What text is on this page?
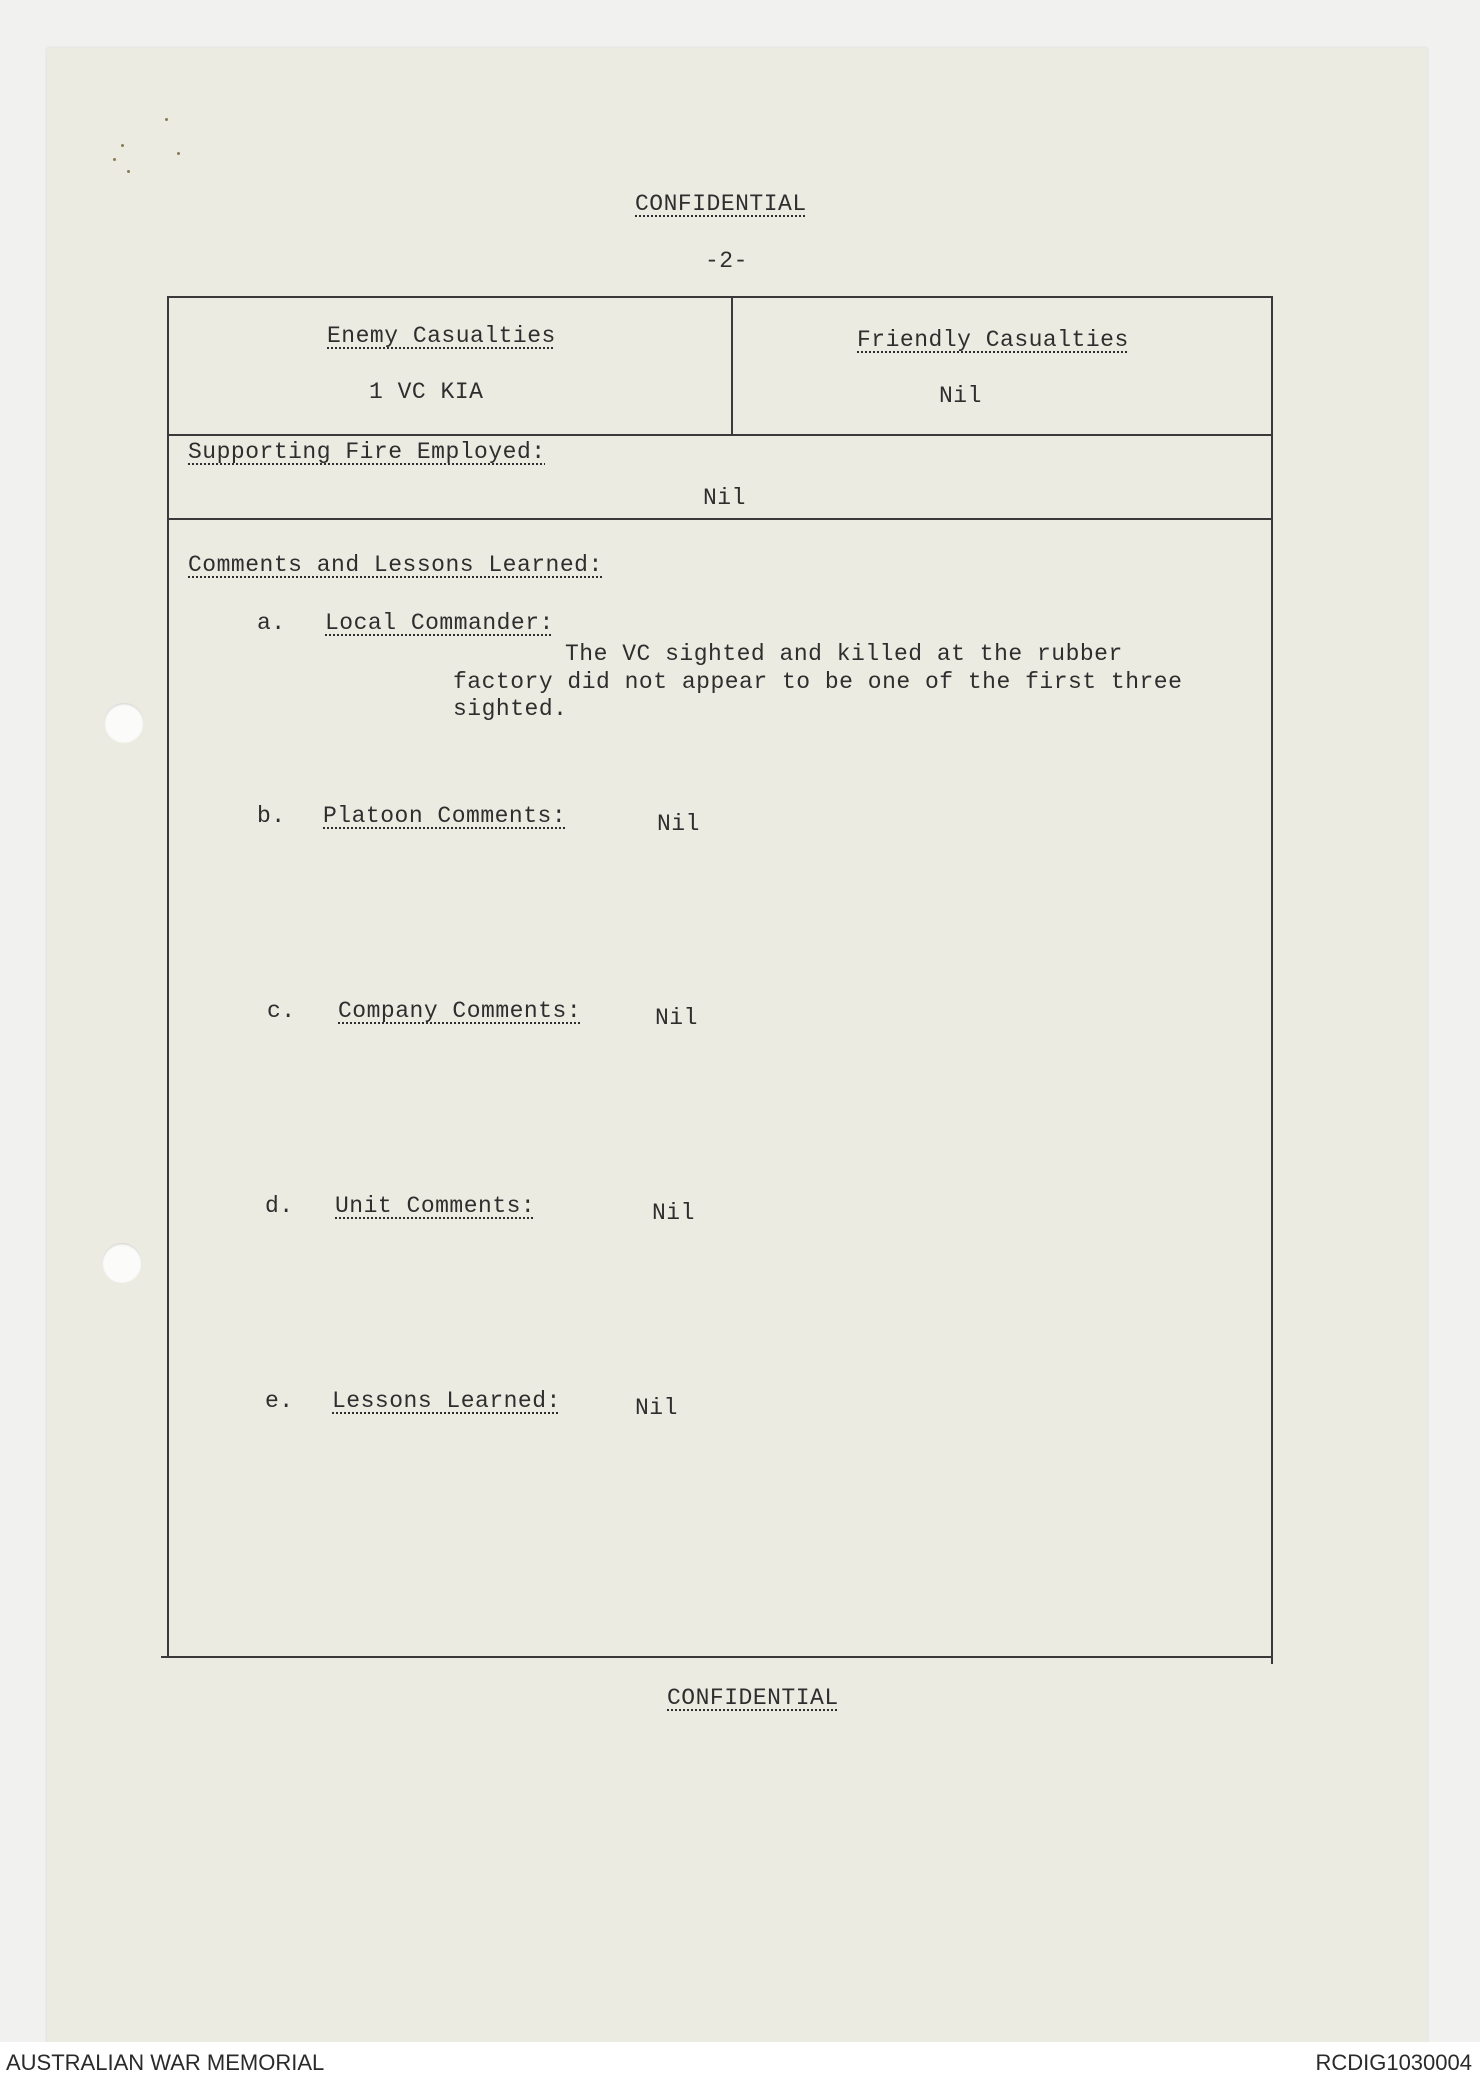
CONFIDENTIAL
-2-
Enemy Casualties
1 VC KIA
Friendly Casualties
Nil
Supporting Fire Employed:
Nil
Comments and Lessons Learned:
a. Local Commander:
The VC sighted and killed at the rubber
factory did not appear to be one of the first three
sighted.
b. Platoon Comments:	Nil
c. Company Comments:	Nil
d. Unit Comments:	Nil
e. Lessons Learned:	Nil
CONFIDENTIAL
AUSTRALIAN WAR MEMORIAL	RCDIG1030004
